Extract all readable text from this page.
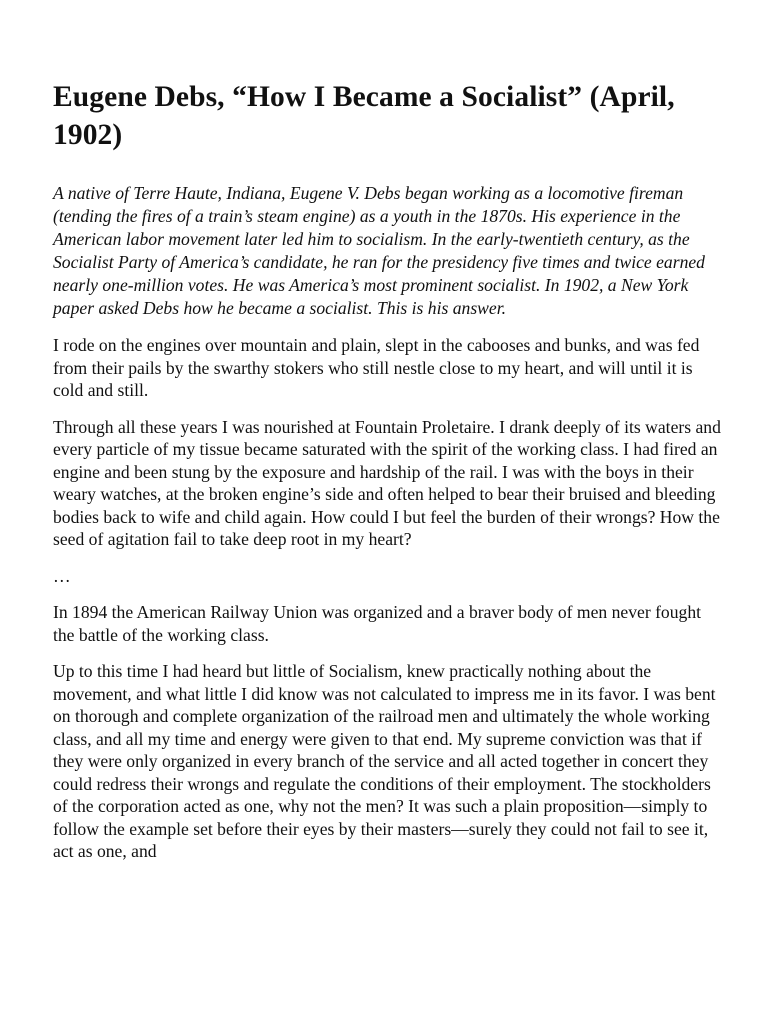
Eugene Debs, “How I Became a Socialist” (April, 1902)

A native of Terre Haute, Indiana, Eugene V. Debs began working as a locomotive fireman (tending the fires of a train’s steam engine) as a youth in the 1870s. His experience in the American labor movement later led him to socialism. In the early-twentieth century, as the Socialist Party of America’s candidate, he ran for the presidency five times and twice earned nearly one-million votes. He was America’s most prominent socialist. In 1902, a New York paper asked Debs how he became a socialist. This is his answer.

I rode on the engines over mountain and plain, slept in the cabooses and bunks, and was fed from their pails by the swarthy stokers who still nestle close to my heart, and will until it is cold and still.

Through all these years I was nourished at Fountain Proletaire. I drank deeply of its waters and every particle of my tissue became saturated with the spirit of the working class. I had fired an engine and been stung by the exposure and hardship of the rail. I was with the boys in their weary watches, at the broken engine’s side and often helped to bear their bruised and bleeding bodies back to wife and child again. How could I but feel the burden of their wrongs? How the seed of agitation fail to take deep root in my heart?

…

In 1894 the American Railway Union was organized and a braver body of men never fought the battle of the working class.

Up to this time I had heard but little of Socialism, knew practically nothing about the movement, and what little I did know was not calculated to impress me in its favor. I was bent on thorough and complete organization of the railroad men and ultimately the whole working class, and all my time and energy were given to that end. My supreme conviction was that if they were only organized in every branch of the service and all acted together in concert they could redress their wrongs and regulate the conditions of their employment. The stockholders of the corporation acted as one, why not the men? It was such a plain proposition—simply to follow the example set before their eyes by their masters—surely they could not fail to see it, act as one, and
